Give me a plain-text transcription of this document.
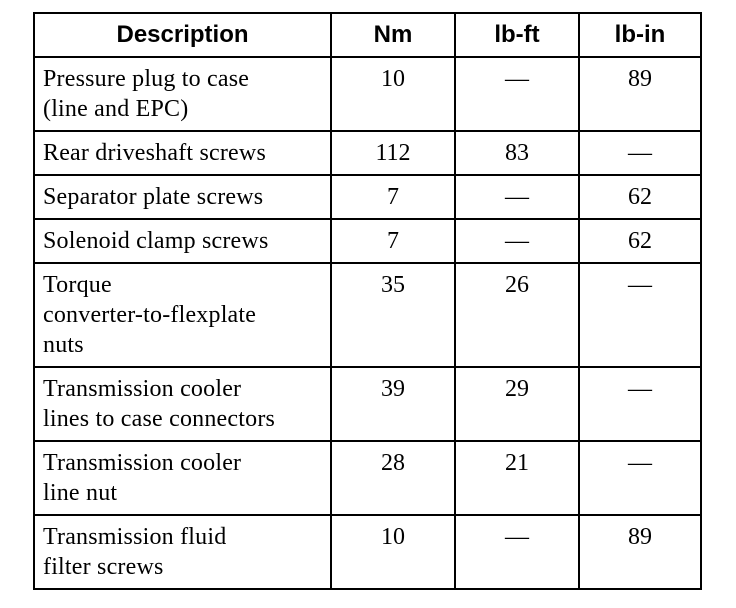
Description	Nm	lb-ft	lb-in

Pressure plug to case
(line and EPC)	10	—	89

Rear driveshaft screws	112	83	—

Separator plate screws	7	—	62

Solenoid clamp screws	7	—	62

Torque
converter-to-flexplate
nuts	35	26	—

Transmission cooler
lines to case connectors	39	29	—

Transmission cooler
line nut	28	21	—

Transmission fluid
filter screws	10	—	89
